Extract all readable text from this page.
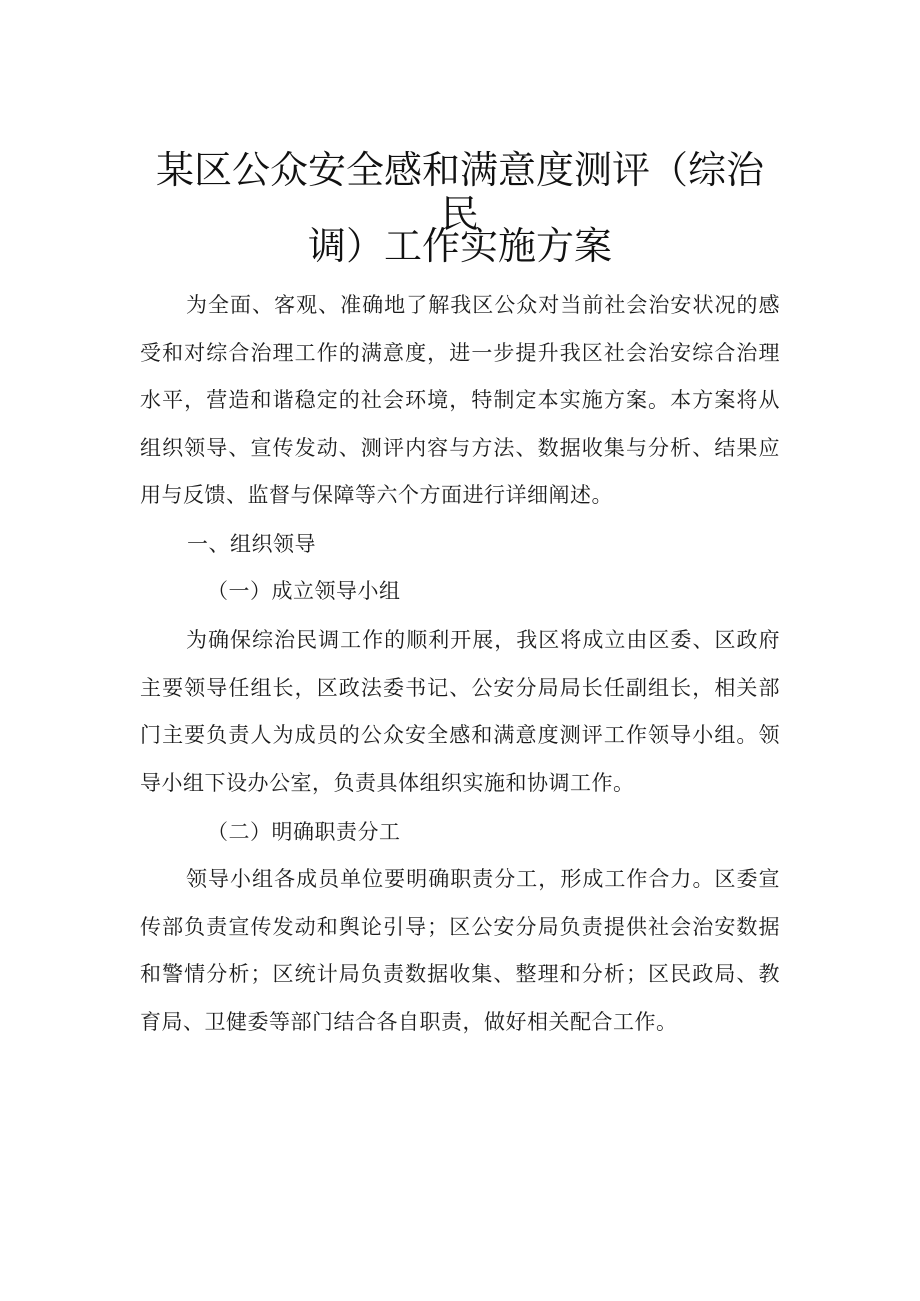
某区公众安全感和满意度测评（综治民
调）工作实施方案

为全面、客观、准确地了解我区公众对当前社会治安状况的感受和对综合治理工作的满意度，进一步提升我区社会治安综合治理水平，营造和谐稳定的社会环境，特制定本实施方案。本方案将从组织领导、宣传发动、测评内容与方法、数据收集与分析、结果应用与反馈、监督与保障等六个方面进行详细阐述。

一、组织领导

（一）成立领导小组

为确保综治民调工作的顺利开展，我区将成立由区委、区政府主要领导任组长，区政法委书记、公安分局局长任副组长，相关部门主要负责人为成员的公众安全感和满意度测评工作领导小组。领导小组下设办公室，负责具体组织实施和协调工作。

（二）明确职责分工

领导小组各成员单位要明确职责分工，形成工作合力。区委宣传部负责宣传发动和舆论引导；区公安分局负责提供社会治安数据和警情分析；区统计局负责数据收集、整理和分析；区民政局、教育局、卫健委等部门结合各自职责，做好相关配合工作。
